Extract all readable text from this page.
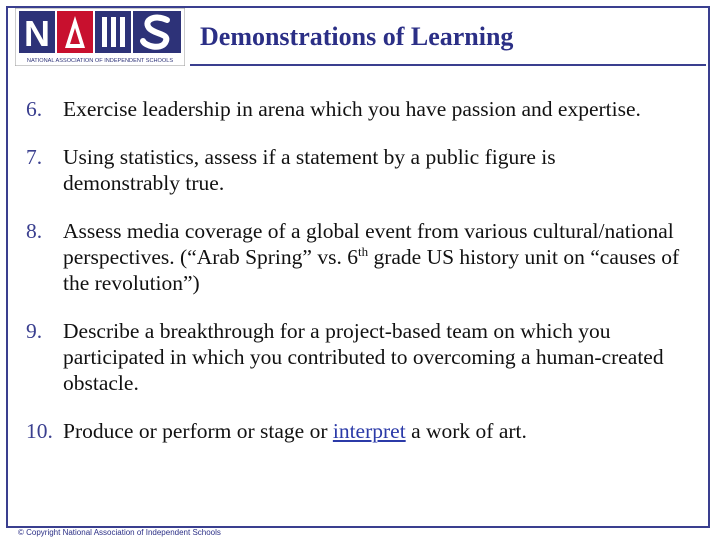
N
NATIONAL ASSOCIATION OF INDEPENDENT SCHOOLS
Demonstrations of Learning
6. Exercise leadership in arena which you have passion and expertise.
7. Using statistics, assess if a statement by a public figure is demonstrably true.
8. Assess media coverage of a global event from various cultural/national perspectives. (“Arab Spring” vs. 6th grade US history unit on “causes of the revolution”)
9. Describe a breakthrough for a project-based team on which you participated in which you contributed to overcoming a human-created obstacle.
10. Produce or perform or stage or interpret a work of art.
© Copyright National Association of Independent Schools
